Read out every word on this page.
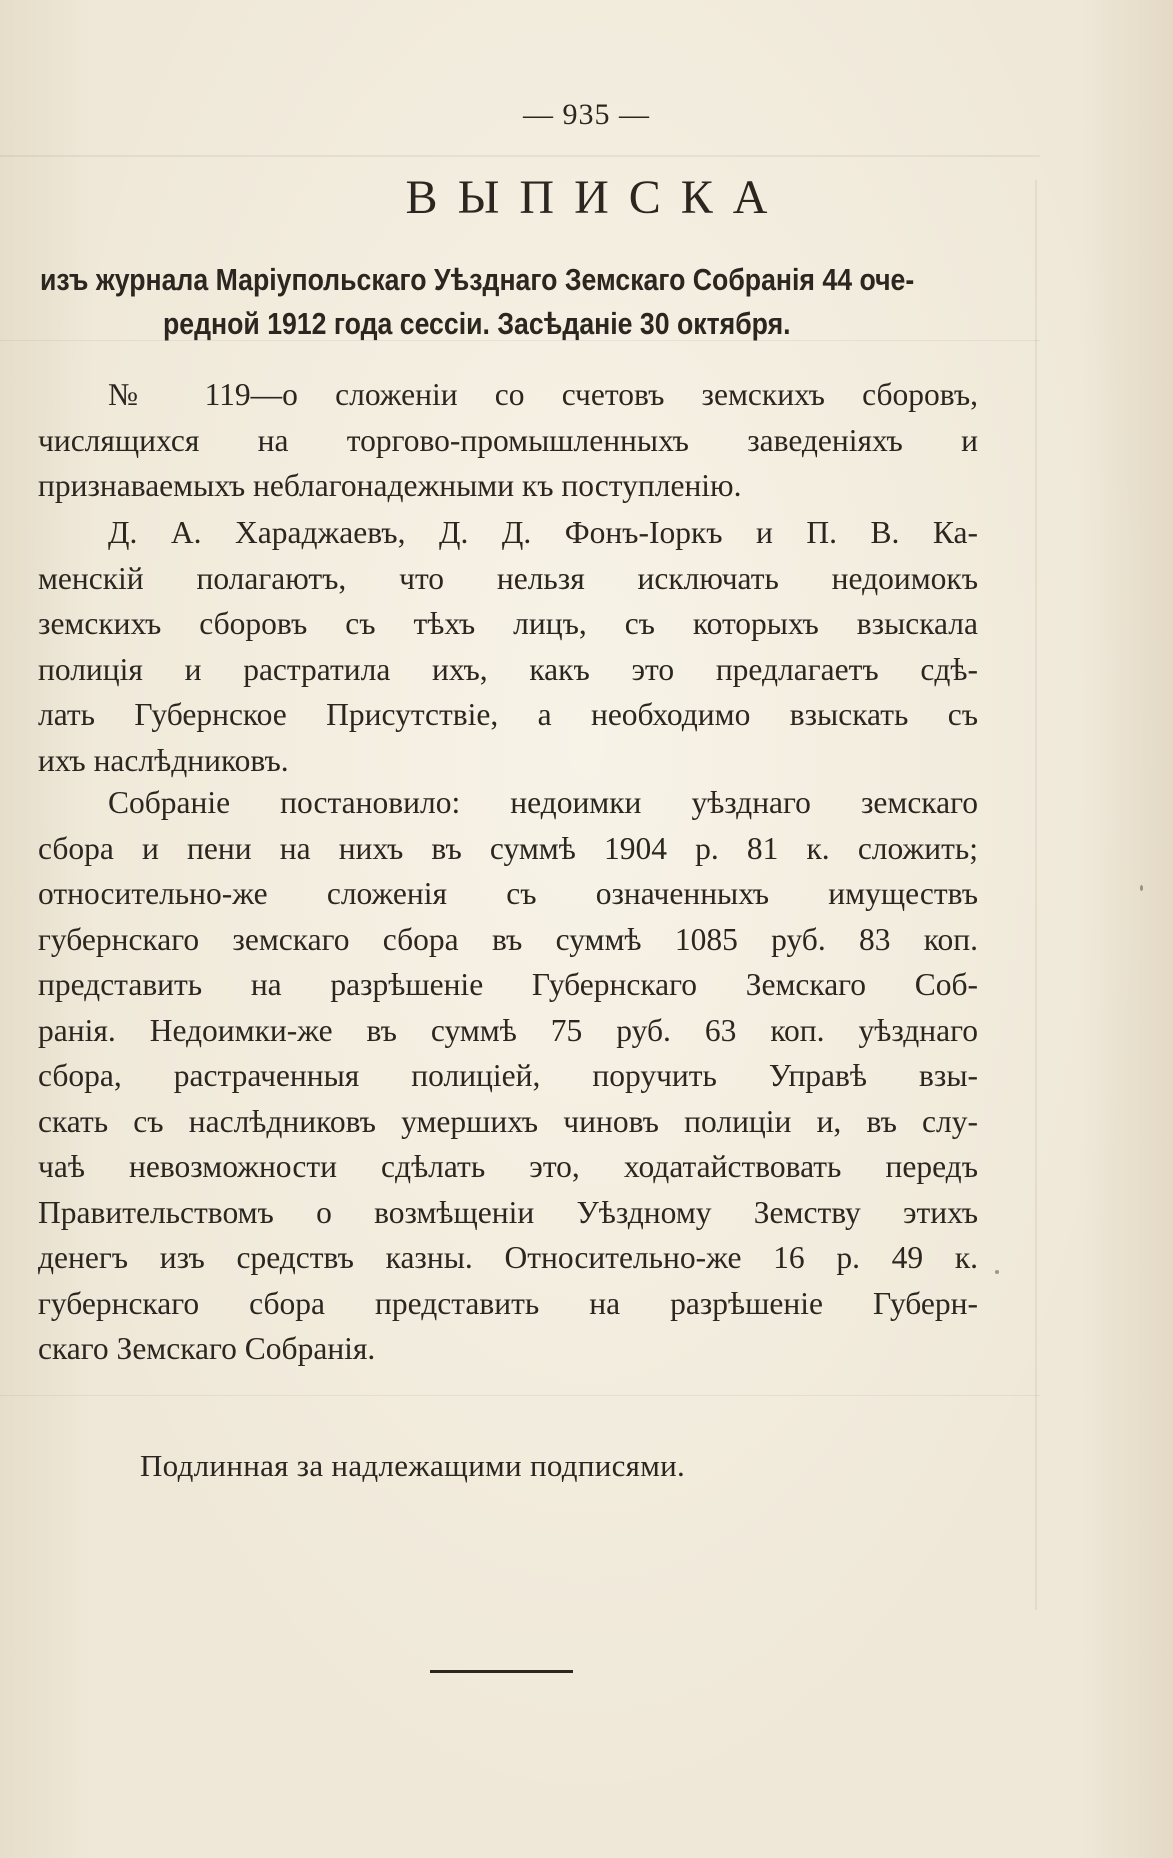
— 935 —
ВЫПИСКА
изъ журнала Маріупольскаго Уѣзднаго Земскаго Собранія 44 оче-
редной 1912 года сессіи. Засѣданіе 30 октября.

№ 119—о сложеніи со счетовъ земскихъ сборовъ,
числящихся на торгово-промышленныхъ заведеніяхъ и
признаваемыхъ неблагонадежными къ поступленію.

Д. А. Хараджаевъ, Д. Д. Фонъ-Іоркъ и П. В. Ка-
менскій полагаютъ, что нельзя исключать недоимокъ
земскихъ сборовъ съ тѣхъ лицъ, съ которыхъ взыскала
полиція и растратила ихъ, какъ это предлагаетъ сдѣ-
лать Губернское Присутствіе, а необходимо взыскать съ
ихъ наслѣдниковъ.

Собраніе постановило: недоимки уѣзднаго земскаго
сбора и пени на нихъ въ суммѣ 1904 р. 81 к. сложить;
относительно-же сложенія съ означенныхъ имуществъ
губернскаго земскаго сбора въ суммѣ 1085 руб. 83 коп.
представить на разрѣшеніе Губернскаго Земскаго Соб-
ранія. Недоимки-же въ суммѣ 75 руб. 63 коп. уѣзднаго
сбора, растраченныя полиціей, поручить Управѣ взы-
скать съ наслѣдниковъ умершихъ чиновъ полиціи и, въ слу-
чаѣ невозможности сдѣлать это, ходатайствовать передъ
Правительствомъ о возмѣщеніи Уѣздному Земству этихъ
денегъ изъ средствъ казны. Относительно-же 16 р. 49 к.
губернскаго сбора представить на разрѣшеніе Губерн-
скаго Земскаго Собранія.

Подлинная за надлежащими подписями.
